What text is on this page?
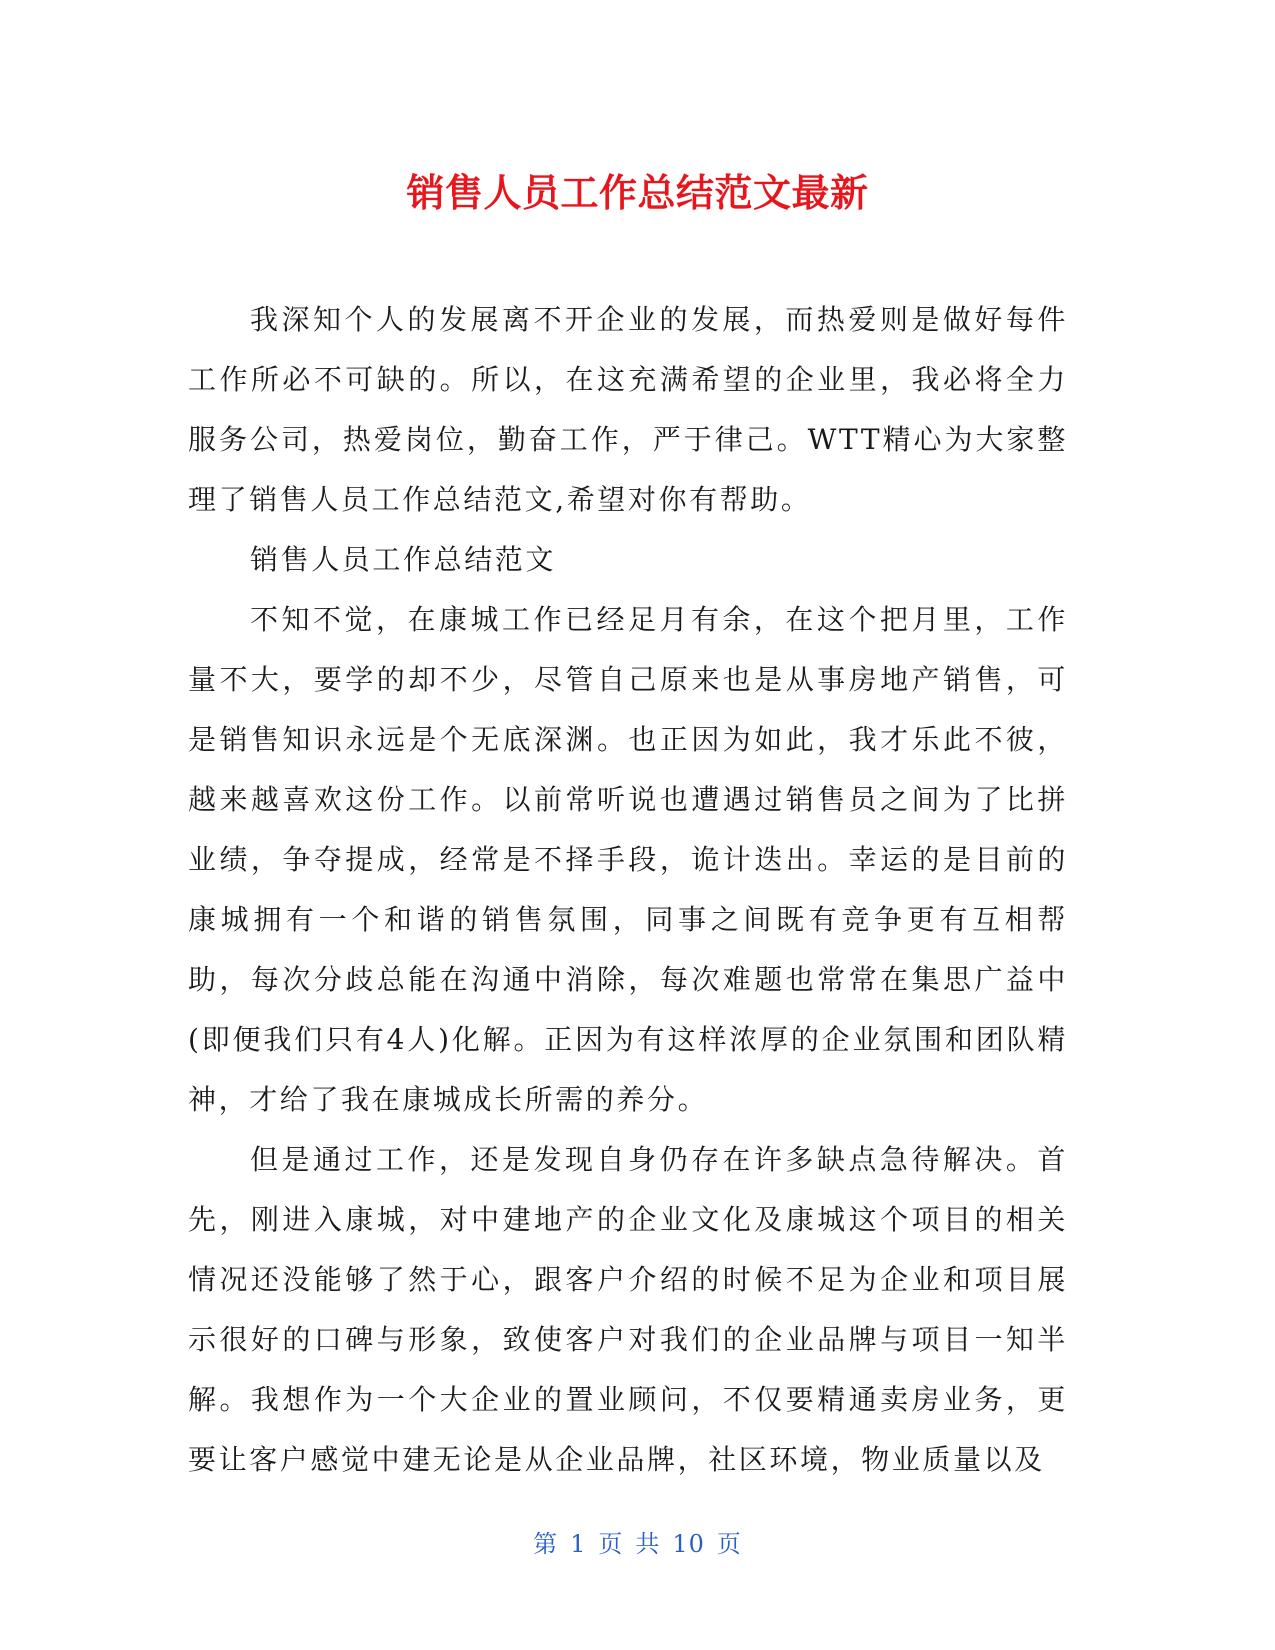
销售人员工作总结范文最新

我深知个人的发展离不开企业的发展，而热爱则是做好每件工作所必不可缺的。所以，在这充满希望的企业里，我必将全力服务公司，热爱岗位，勤奋工作，严于律己。WTT精心为大家整理了销售人员工作总结范文,希望对你有帮助。

销售人员工作总结范文

不知不觉，在康城工作已经足月有余，在这个把月里，工作量不大，要学的却不少，尽管自己原来也是从事房地产销售，可是销售知识永远是个无底深渊。也正因为如此，我才乐此不彼，越来越喜欢这份工作。以前常听说也遭遇过销售员之间为了比拼业绩，争夺提成，经常是不择手段，诡计迭出。幸运的是目前的康城拥有一个和谐的销售氛围，同事之间既有竞争更有互相帮助，每次分歧总能在沟通中消除，每次难题也常常在集思广益中(即便我们只有4人)化解。正因为有这样浓厚的企业氛围和团队精神，才给了我在康城成长所需的养分。

但是通过工作，还是发现自身仍存在许多缺点急待解决。首先，刚进入康城，对中建地产的企业文化及康城这个项目的相关情况还没能够了然于心，跟客户介绍的时候不足为企业和项目展示很好的口碑与形象，致使客户对我们的企业品牌与项目一知半解。我想作为一个大企业的置业顾问，不仅要精通卖房业务，更要让客户感觉中建无论是从企业品牌，社区环境，物业质量以及

第 1 页 共 10 页
